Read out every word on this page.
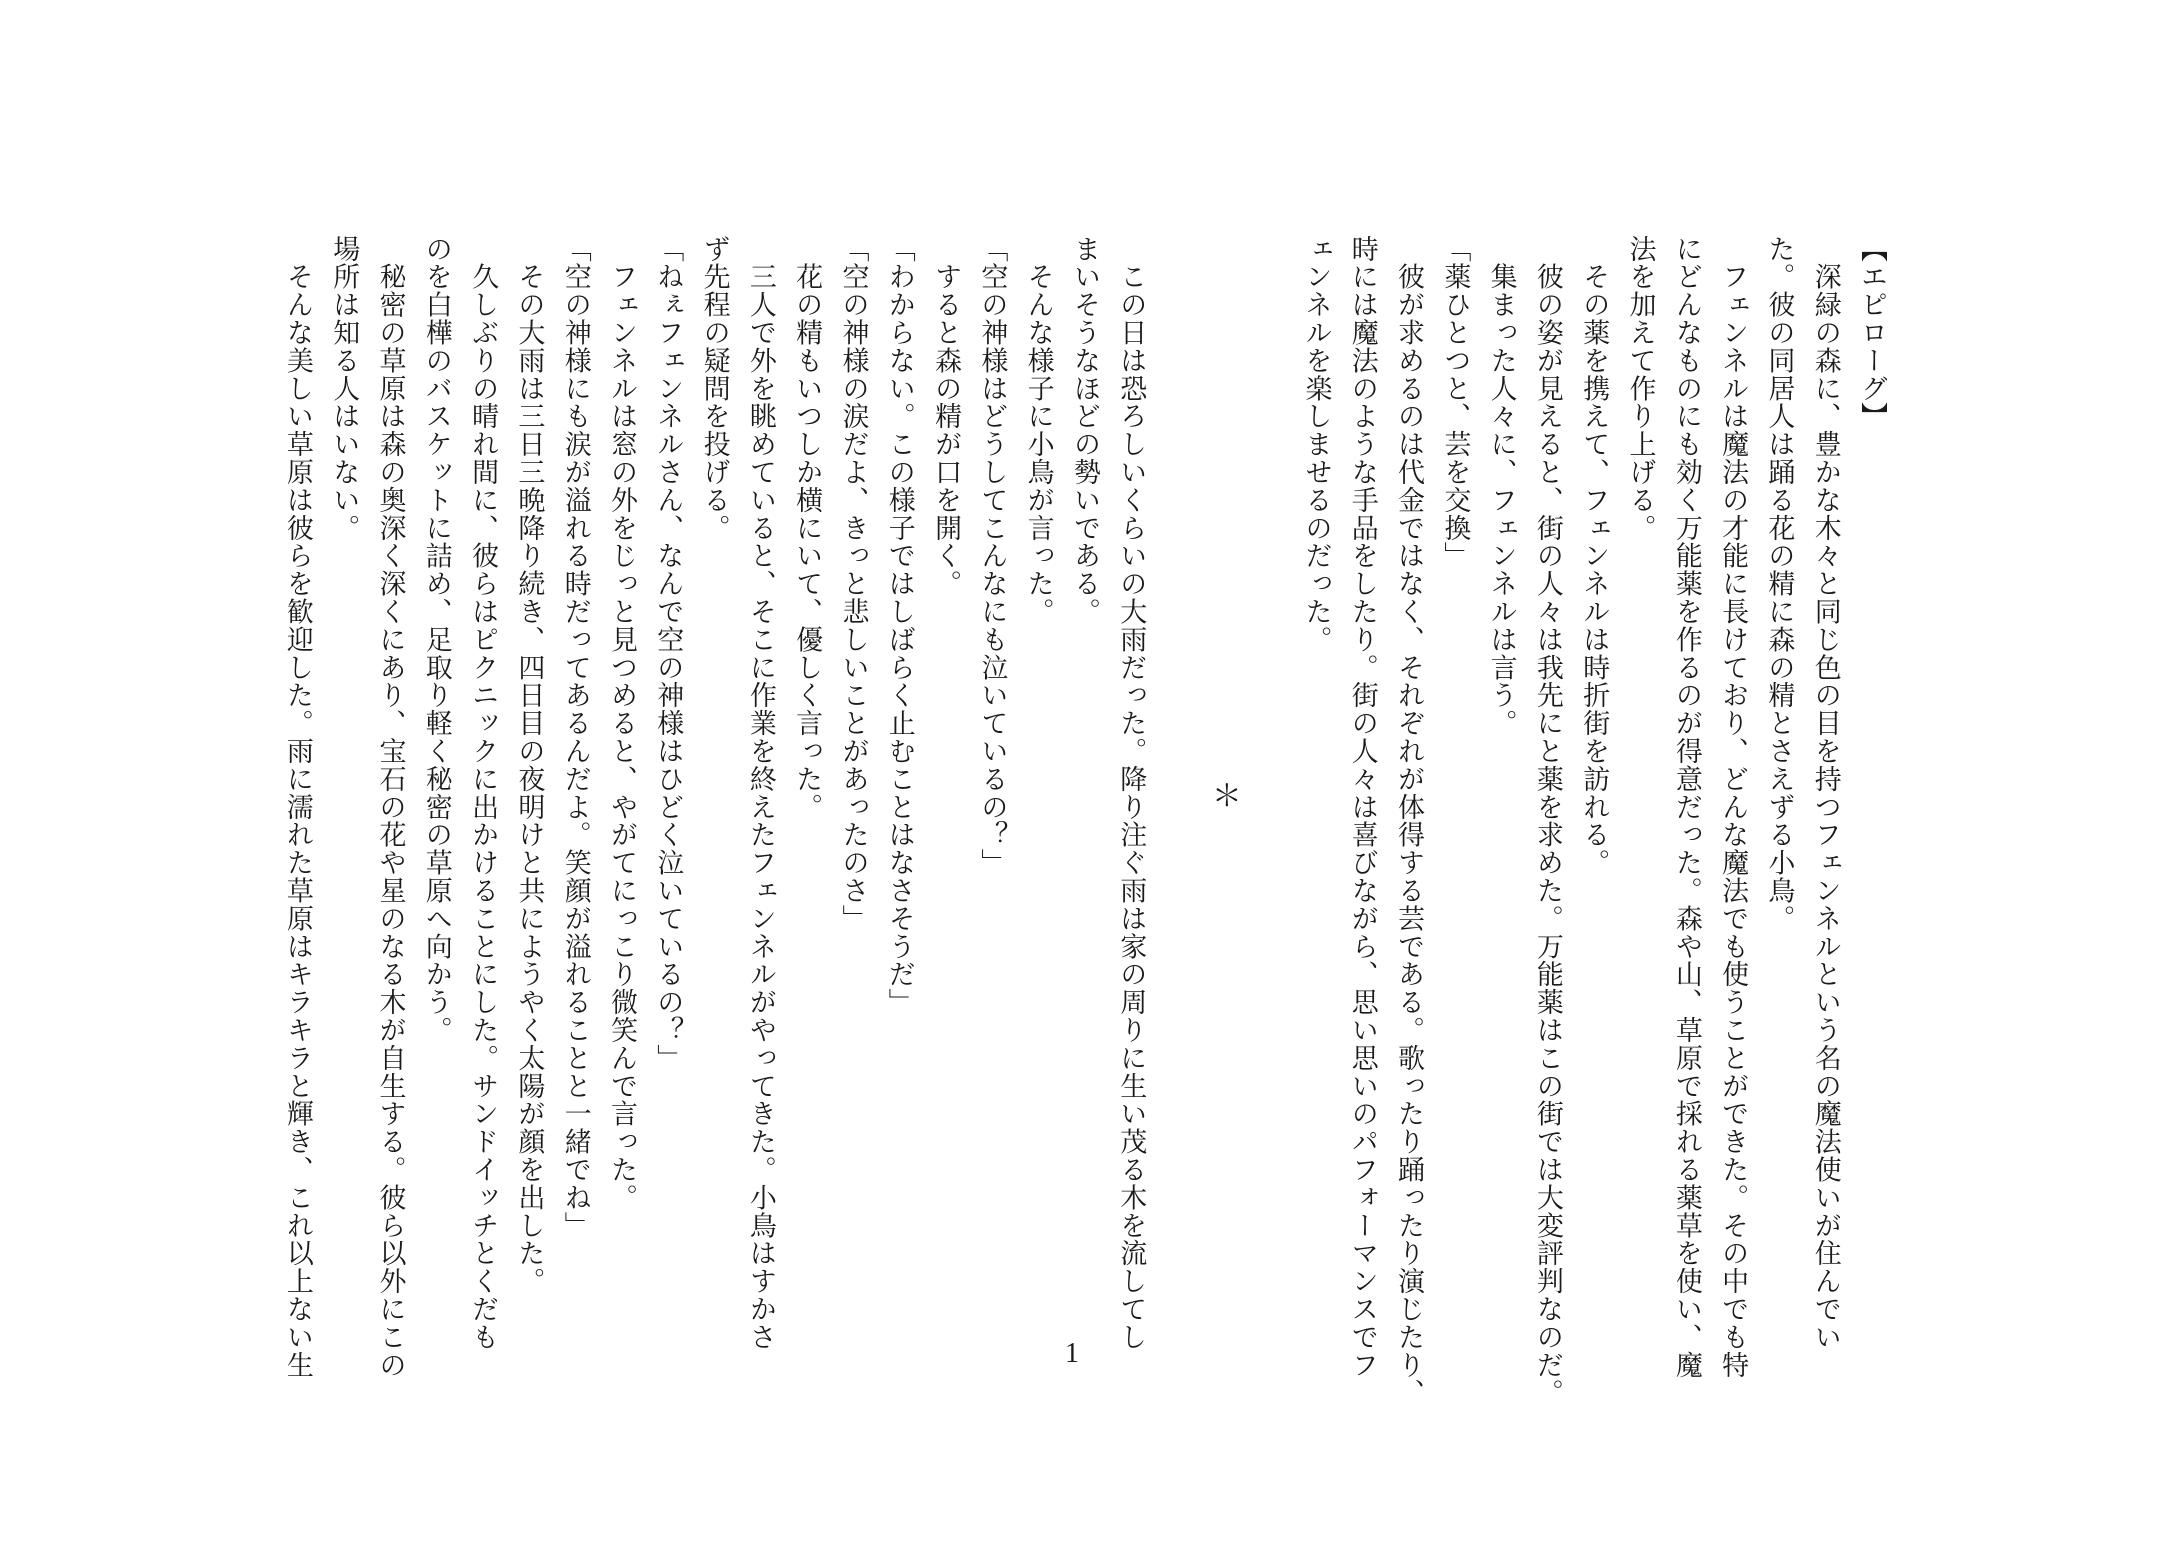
【エピローグ】
　深緑の森に、豊かな木々と同じ色の目を持つフェンネルという名の魔法使いが住んでい
た。彼の同居人は踊る花の精に森の精とさえずる小鳥。
　フェンネルは魔法の才能に長けており、どんな魔法でも使うことができた。その中でも特
にどんなものにも効く万能薬を作るのが得意だった。森や山、草原で採れる薬草を使い、魔
法を加えて作り上げる。
　その薬を携えて、フェンネルは時折街を訪れる。
　彼の姿が見えると、街の人々は我先にと薬を求めた。万能薬はこの街では大変評判なのだ。
　集まった人々に、フェンネルは言う。
「薬ひとつと、芸を交換」
　彼が求めるのは代金ではなく、それぞれが体得する芸である。歌ったり踊ったり演じたり、
時には魔法のような手品をしたり。街の人々は喜びながら、思い思いのパフォーマンスでフ
ェンネルを楽しませるのだった。
＊
　この日は恐ろしいくらいの大雨だった。降り注ぐ雨は家の周りに生い茂る木を流してし
まいそうなほどの勢いである。
　そんな様子に小鳥が言った。
「空の神様はどうしてこんなにも泣いているの？」
　すると森の精が口を開く。
「わからない。この様子ではしばらく止むことはなさそうだ」
「空の神様の涙だよ、きっと悲しいことがあったのさ」
　花の精もいつしか横にいて、優しく言った。
　三人で外を眺めていると、そこに作業を終えたフェンネルがやってきた。小鳥はすかさ
ず先程の疑問を投げる。
「ねぇフェンネルさん、なんで空の神様はひどく泣いているの？」
　フェンネルは窓の外をじっと見つめると、やがてにっこり微笑んで言った。
「空の神様にも涙が溢れる時だってあるんだよ。笑顔が溢れることと一緒でね」
　その大雨は三日三晩降り続き、四日目の夜明けと共にようやく太陽が顔を出した。
　久しぶりの晴れ間に、彼らはピクニックに出かけることにした。サンドイッチとくだも
のを白樺のバスケットに詰め、足取り軽く秘密の草原へ向かう。
　秘密の草原は森の奥深く深くにあり、宝石の花や星のなる木が自生する。彼ら以外にこの
場所は知る人はいない。
　そんな美しい草原は彼らを歓迎した。雨に濡れた草原はキラキラと輝き、これ以上ない生	1
